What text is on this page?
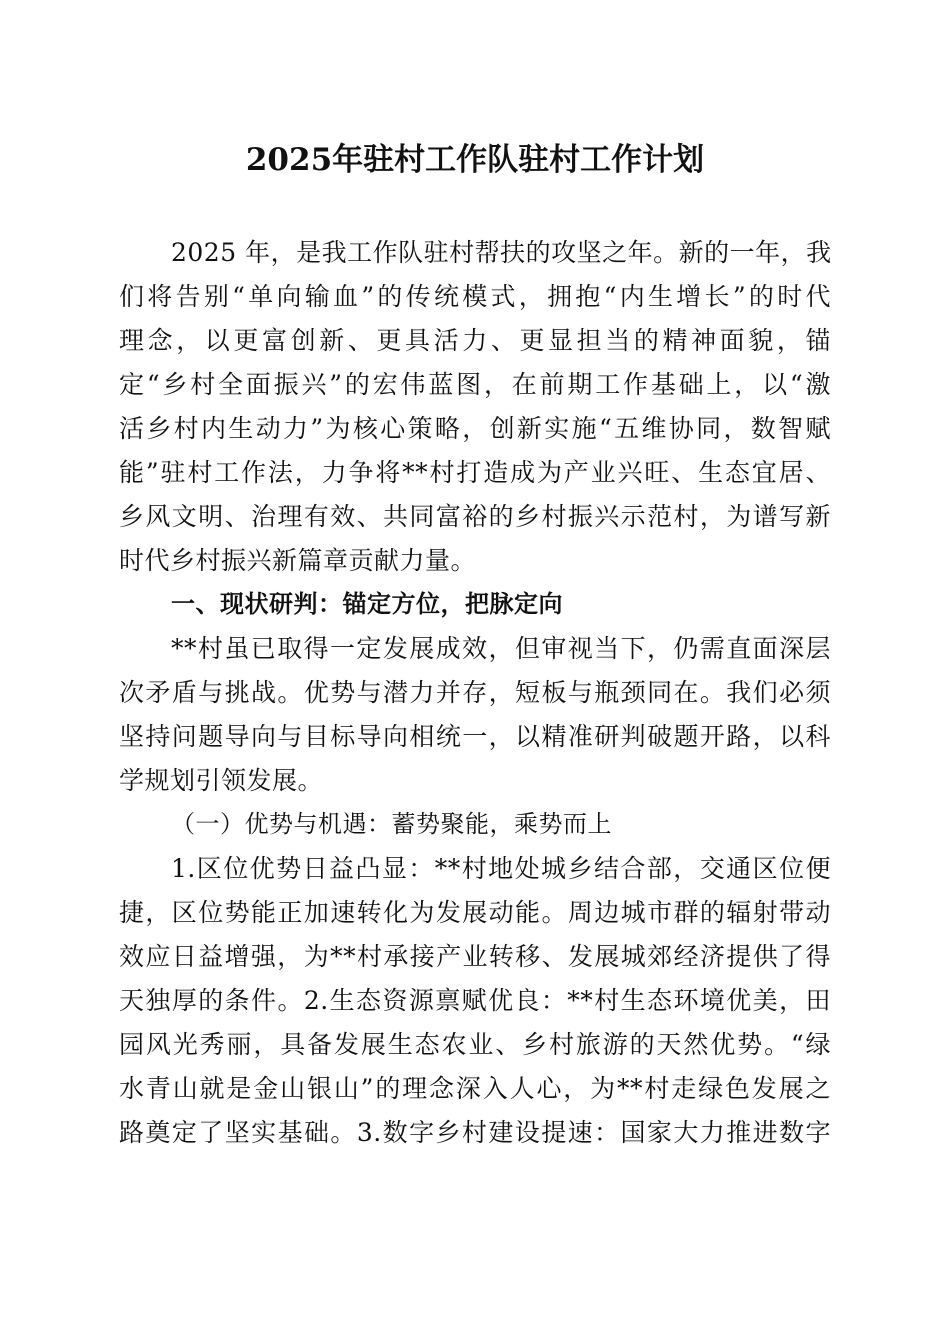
2025年驻村工作队驻村工作计划
2025 年，是我工作队驻村帮扶的攻坚之年。新的一年，我
们将告别“单向输血”的传统模式，拥抱“内生增长”的时代
理念，以更富创新、更具活力、更显担当的精神面貌，锚
定“乡村全面振兴”的宏伟蓝图，在前期工作基础上，以“激
活乡村内生动力”为核心策略，创新实施“五维协同，数智赋
能”驻村工作法，力争将**村打造成为产业兴旺、生态宜居、
乡风文明、治理有效、共同富裕的乡村振兴示范村，为谱写新
时代乡村振兴新篇章贡献力量。
一、现状研判：锚定方位，把脉定向
**村虽已取得一定发展成效，但审视当下，仍需直面深层
次矛盾与挑战。优势与潜力并存，短板与瓶颈同在。我们必须
坚持问题导向与目标导向相统一，以精准研判破题开路，以科
学规划引领发展。
（一）优势与机遇：蓄势聚能，乘势而上
1.区位优势日益凸显：**村地处城乡结合部，交通区位便
捷，区位势能正加速转化为发展动能。周边城市群的辐射带动
效应日益增强，为**村承接产业转移、发展城郊经济提供了得
天独厚的条件。2.生态资源禀赋优良：**村生态环境优美，田
园风光秀丽，具备发展生态农业、乡村旅游的天然优势。“绿
水青山就是金山银山”的理念深入人心，为**村走绿色发展之
路奠定了坚实基础。3.数字乡村建设提速：国家大力推进数字
